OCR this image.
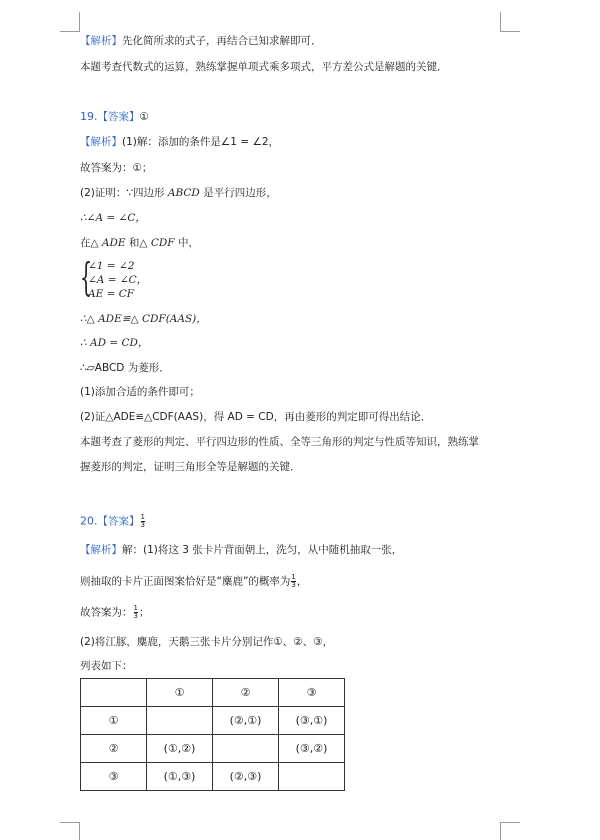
【解析】先化简所求的式子，再结合已知求解即可．
本题考查代数式的运算，熟练掌握单项式乘多项式，平方差公式是解题的关键．
19.【答案】①
【解析】(1)解：添加的条件是∠1 = ∠2，
故答案为：①；
(2)证明：∵四边形 ABCD 是平行四边形，
∴∠A = ∠C，
在△ ADE 和△ CDF 中，
{
∠1 = ∠2
∠A = ∠C，
AE = CF
∴△ ADE≌△ CDF(AAS)，
∴ AD = CD，
∴▱ABCD 为菱形．
(1)添加合适的条件即可；
(2)证△ADE≌△CDF(AAS)，得 AD = CD，再由菱形的判定即可得出结论．
本题考查了菱形的判定、平行四边形的性质、全等三角形的判定与性质等知识，熟练掌
握菱形的判定，证明三角形全等是解题的关键．
20.【答案】 $\frac{1}{3}$
【解析】解：(1)将这 3 张卡片背面朝上，洗匀，从中随机抽取一张，
则抽取的卡片正面图案恰好是“麋鹿”的概率为 $\frac{1}{3}$ ，
故答案为： $\frac{1}{3}$ ；
(2)将江豚，麋鹿，天鹅三张卡片分别记作①、②、③，
列表如下：
	①	②	③
①		(②,①)	(③,①)
②	(①,②)		(③,②)
③	(①,③)	(②,③)	
